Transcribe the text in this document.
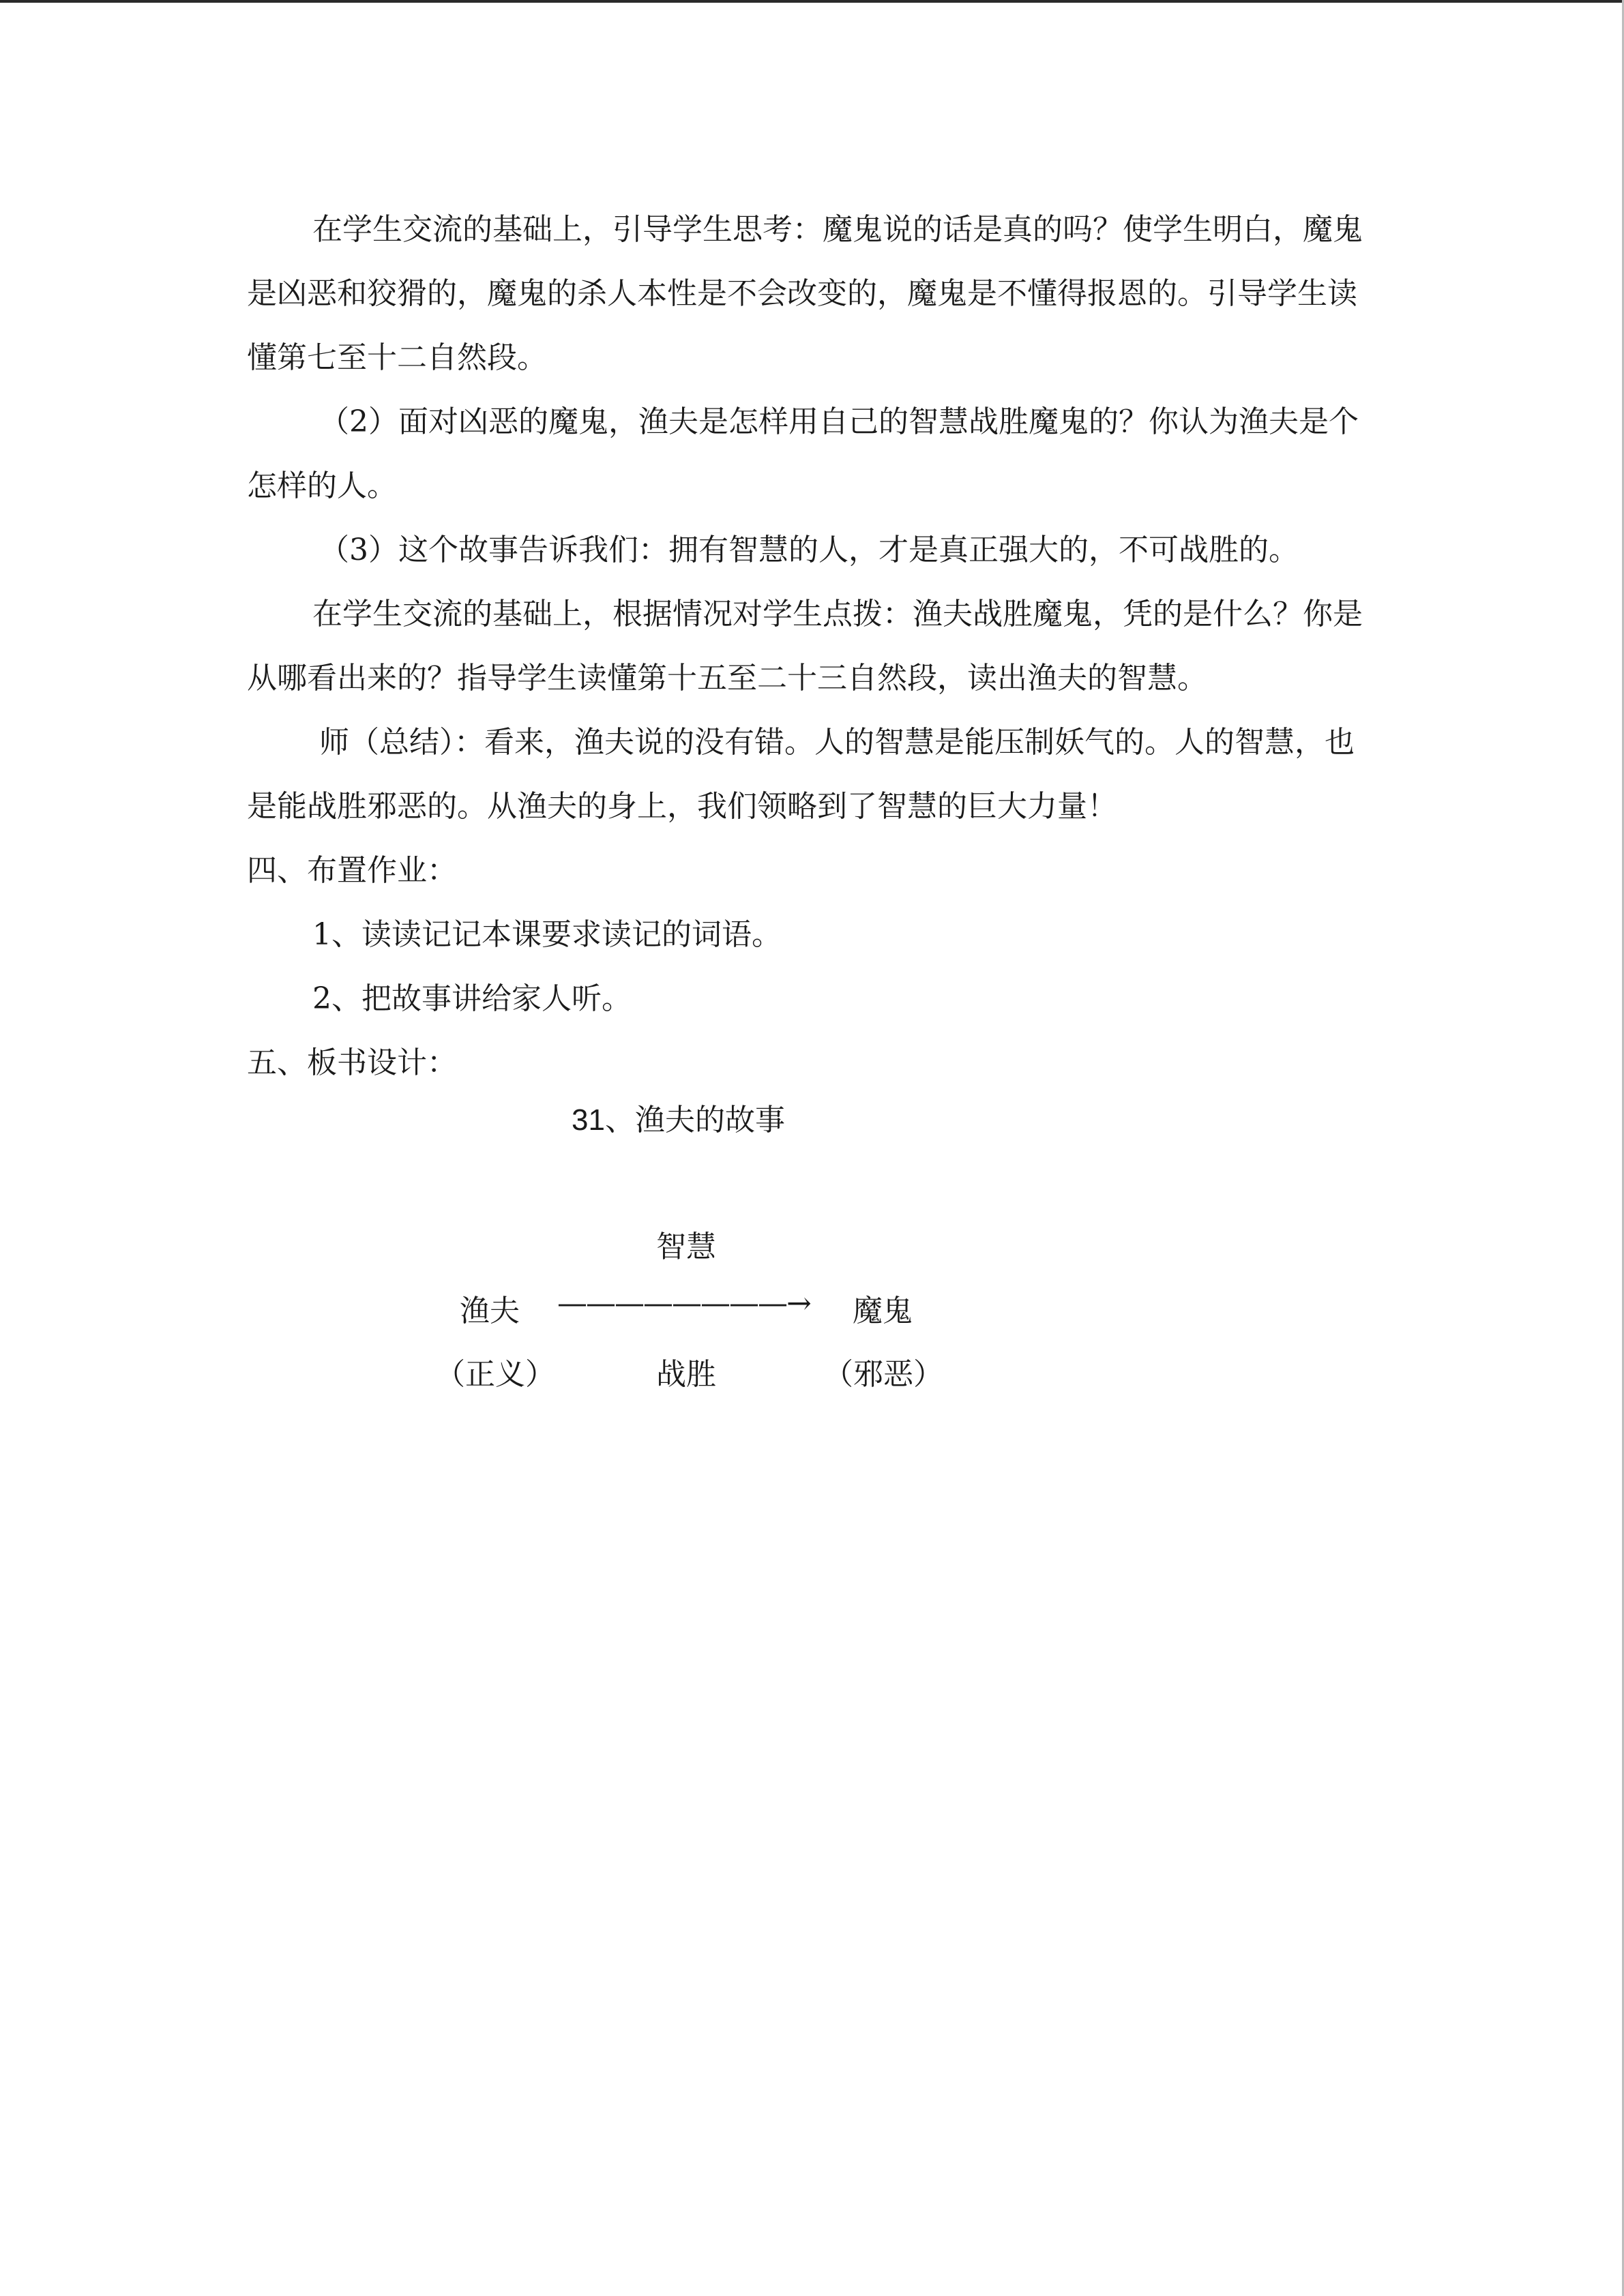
在学生交流的基础上，引导学生思考：魔鬼说的话是真的吗？使学生明白，魔鬼是凶恶和狡猾的，魔鬼的杀人本性是不会改变的，魔鬼是不懂得报恩的。引导学生读懂第七至十二自然段。

（2）面对凶恶的魔鬼，渔夫是怎样用自己的智慧战胜魔鬼的？你认为渔夫是个怎样的人。

（3）这个故事告诉我们：拥有智慧的人，才是真正强大的，不可战胜的。

在学生交流的基础上，根据情况对学生点拨：渔夫战胜魔鬼，凭的是什么？你是从哪看出来的？指导学生读懂第十五至二十三自然段，读出渔夫的智慧。

师（总结）：看来，渔夫说的没有错。人的智慧是能压制妖气的。人的智慧，也是能战胜邪恶的。从渔夫的身上，我们领略到了智慧的巨大力量！

四、布置作业：

1、读读记记本课要求读记的词语。

2、把故事讲给家人听。

五、板书设计：

31、渔夫的故事
智慧
渔夫 ————————→ 魔鬼
（正义）	战胜	（邪恶）
